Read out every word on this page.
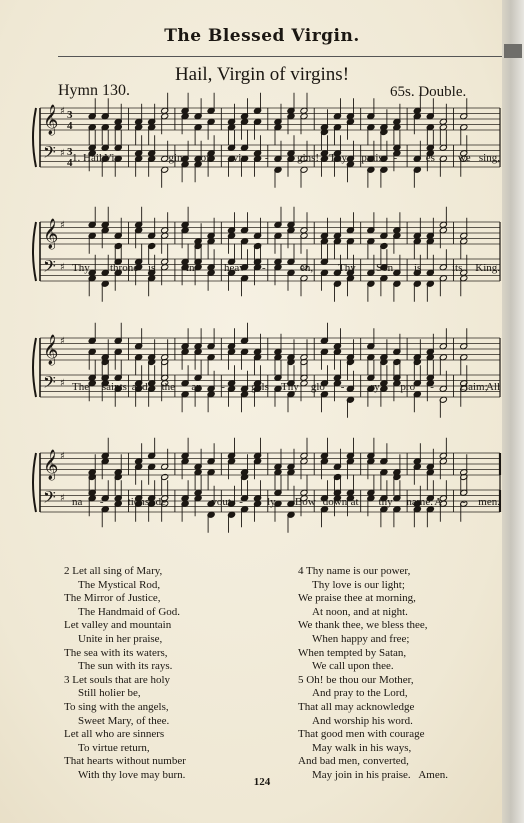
The Blessed Virgin.
Hail, Virgin of virgins!
Hymn 130.	65s. Double.
𝄞
𝄢
♯
♯
3
4
3
4
𝄞
𝄢
♯
♯
𝄞
𝄢
♯
♯
𝄞
𝄢
♯
♯
1. Hail, Vir -	gin of vir -	gins! Thy prais -	es we sing,
Thy throne is	in	heav -	en, Thy Son is	its King.
The saints and the an - gels Thy glo - ry pro - claim;
All
na - tions de - vout - ly Bow down at thy name. A - men.
2 Let all sing of Mary,
The Mystical Rod,
The Mirror of Justice,
The Handmaid of God.
Let valley and mountain
Unite in her praise,
The sea with its waters,
The sun with its rays.
3 Let souls that are holy
Still holier be,
To sing with the angels,
Sweet Mary, of thee.
Let all who are sinners
To virtue return,
That hearts without number
With thy love may burn.
4 Thy name is our power,
Thy love is our light;
We praise thee at morning,
At noon, and at night.
We thank thee, we bless thee,
When happy and free;
When tempted by Satan,
We call upon thee.
5 Oh! be thou our Mother,
And pray to the Lord,
That all may acknowledge
And worship his word.
That good men with courage
May walk in his ways,
And bad men, converted,
May join in his praise.   Amen.
124
